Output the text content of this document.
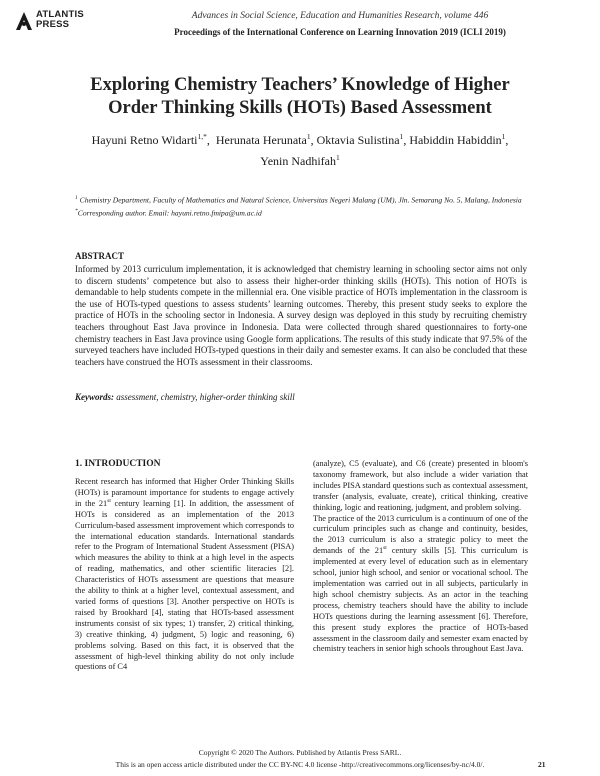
ATLANTIS
PRESS
Advances in Social Science, Education and Humanities Research, volume 446
Proceedings of the International Conference on Learning Innovation 2019 (ICLI 2019)
Exploring Chemistry Teachers’ Knowledge of Higher
Order Thinking Skills (HOTs) Based Assessment
Hayuni Retno Widarti$^{1,*}$,  Herunata Herunata$^1$, Oktavia Sulistina$^1$, Habiddin Habiddin$^1$,
Yenin Nadhifah$^1$
$^1$ Chemistry Department, Faculty of Mathematics and Natural Science, Universitas Negeri Malang (UM), Jln. Semarang No. 5, Malang, Indonesia
*Corresponding author. Email: hayuni.retno.fmipa@um.ac.id
ABSTRACT
Informed by 2013 curriculum implementation, it is acknowledged that chemistry learning in schooling sector aims not only to discern students’ competence but also to assess their higher-order thinking skills (HOTs). This notion of HOTs is demandable to help students compete in the millennial era. One visible practice of HOTs implementation in the classroom is the use of HOTs-typed questions to assess students’ learning outcomes. Thereby, this present study seeks to explore the practice of HOTs in the schooling sector in Indonesia. A survey design was deployed in this study by recruiting chemistry teachers throughout East Java province in Indonesia. Data were collected through shared questionnaires to forty-one chemistry teachers in East Java province using Google form applications. The results of this study indicate that 97.5% of the surveyed teachers have included HOTs-typed questions in their daily and semester exams. It can also be concluded that these teachers have construed the HOTs assessment in their classrooms.
Keywords: assessment, chemistry, higher-order thinking skill
1. INTRODUCTION

Recent research has informed that Higher Order Thinking Skills (HOTs) is paramount importance for students to engage actively in the 21st century learning [1]. In addition, the assessment of HOTs is considered as an implementation of the 2013 Curriculum-based assessment improvement which corresponds to the international education standards. International standards refer to the Program of International Student Assessment (PISA) which measures the ability to think at a high level in the aspects of reading, mathematics, and other scientific literacies [2]. Characteristics of HOTs assessment are questions that measure the ability to think at a higher level, contextual assessment, and varied forms of questions [3]. Another perspective on HOTs is raised by Brookhard [4], stating that HOTs-based assessment instruments consist of six types; 1) transfer, 2) critical thinking, 3) creative thinking, 4) judgment, 5) logic and reasoning, 6) problems solving. Based on this fact, it is observed that the assessment of high-level thinking ability do not only include questions of C4

(analyze), C5 (evaluate), and C6 (create) presented in bloom's taxonomy framework, but also include a wider variation that includes PISA standard questions such as contextual assessment, transfer (analysis, evaluate, create), critical thinking, creative thinking, logic and reationing, judgment, and problem solving.

The practice of the 2013 curriculum is a continuum of one of the curriculum principles such as change and continuity, besides, the 2013 curriculum is also a strategic policy to meet the demands of the 21st century skills [5]. This curriculum is implemented at every level of education such as in elementary school, junior high school, and senior or vocational school. The implementation was carried out in all subjects, particularly in high school chemistry subjects. As an actor in the teaching process, chemistry teachers should have the ability to include HOTs questions during the learning assessment [6]. Therefore, this present study explores the practice of HOTs-based assessment in the classroom daily and semester exam enacted by chemistry teachers in senior high schools throughout East Java.

Copyright © 2020 The Authors. Published by Atlantis Press SARL.
This is an open access article distributed under the CC BY-NC 4.0 license -http://creativecommons.org/licenses/by-nc/4.0/.	21
